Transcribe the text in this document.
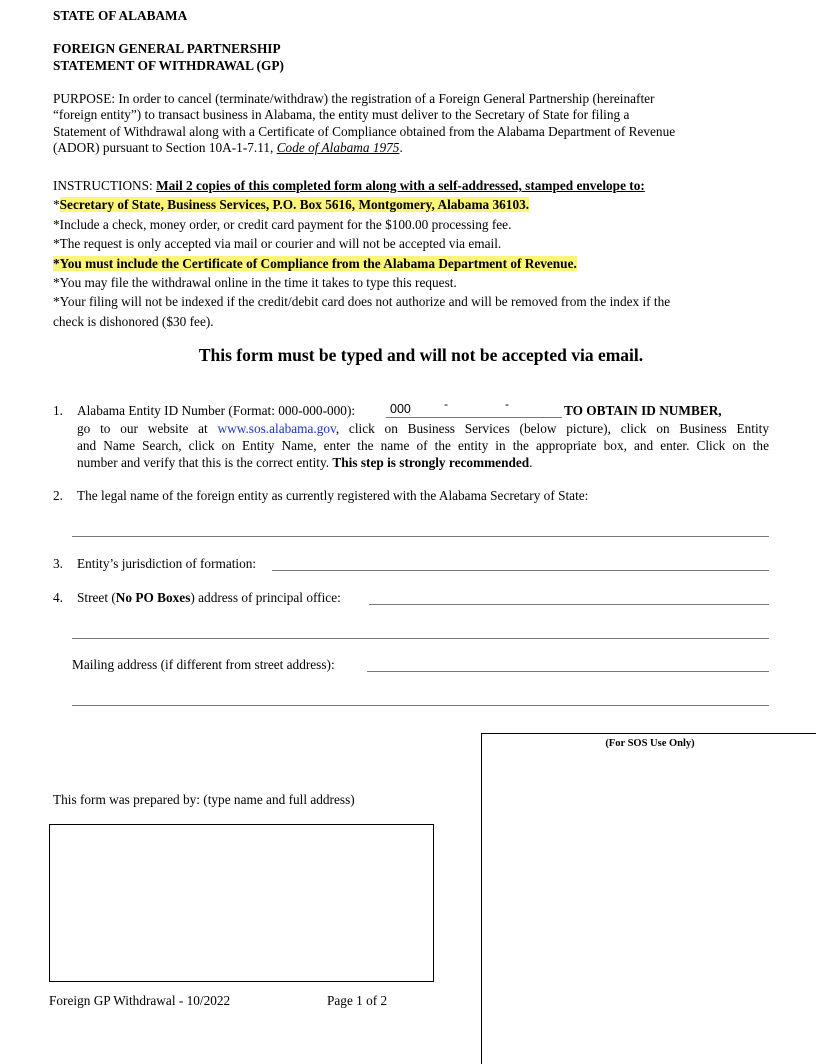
STATE OF ALABAMA
FOREIGN GENERAL PARTNERSHIP
STATEMENT OF WITHDRAWAL (GP)
PURPOSE: In order to cancel (terminate/withdraw) the registration of a Foreign General Partnership (hereinafter
“foreign entity”) to transact business in Alabama, the entity must deliver to the Secretary of State for filing a
Statement of Withdrawal along with a Certificate of Compliance obtained from the Alabama Department of Revenue
(ADOR) pursuant to Section 10A-1-7.11, Code of Alabama 1975.
INSTRUCTIONS: Mail 2 copies of this completed form along with a self-addressed, stamped envelope to:
*Secretary of State, Business Services, P.O. Box 5616, Montgomery, Alabama 36103.
*Include a check, money order, or credit card payment for the $100.00 processing fee.
*The request is only accepted via mail or courier and will not be accepted via email.
*You must include the Certificate of Compliance from the Alabama Department of Revenue.
*You may file the withdrawal online in the time it takes to type this request.
*Your filing will not be indexed if the credit/debit card does not authorize and will be removed from the index if the
check is dishonored ($30 fee).
This form must be typed and will not be accepted via email.
1. Alabama Entity ID Number (Format: 000-000-000):
000	-	-	TO OBTAIN ID NUMBER,
go to our website at www.sos.alabama.gov, click on Business Services (below picture), click on Business Entity
and Name Search, click on Entity Name, enter the name of the entity in the appropriate box, and enter. Click on the
number and verify that this is the correct entity. This step is strongly recommended.
2. The legal name of the foreign entity as currently registered with the Alabama Secretary of State:
3. Entity’s jurisdiction of formation:
4. Street (No PO Boxes) address of principal office:
Mailing address (if different from street address):
(For SOS Use Only)
This form was prepared by: (type name and full address)
Foreign GP Withdrawal - 10/2022	Page 1 of 2
